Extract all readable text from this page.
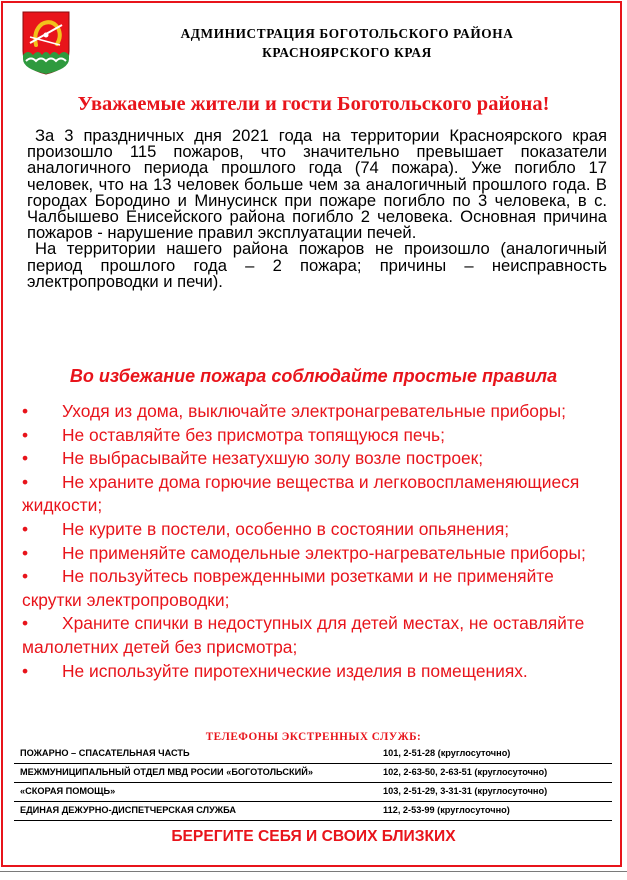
АДМИНИСТРАЦИЯ БОГОТОЛЬСКОГО РАЙОНА
КРАСНОЯРСКОГО КРАЯ
Уважаемые жители и гости Боготольского района!

За 3 праздничных дня 2021 года на территории Красноярского края произошло 115 пожаров, что значительно превышает показатели аналогичного периода прошлого года (74 пожара). Уже погибло 17 человек, что на 13 человек больше чем за аналогичный прошлого года. В городах Бородино и Минусинск при пожаре погибло по 3 человека, в с. Чалбышево Енисейского района погибло 2 человека. Основная причина пожаров - нарушение правил эксплуатации печей.

На территории нашего района пожаров не произошло (аналогичный период прошлого года – 2 пожара; причины – неисправность электропроводки и печи).

Во избежание пожара соблюдайте простые правила
• Уходя из дома, выключайте электронагревательные приборы;
• Не оставляйте без присмотра топящуюся печь;
• Не выбрасывайте незатухшую золу возле построек;
• Не храните дома горючие вещества и легковоспламеняющиеся жидкости;
• Не курите в постели, особенно в состоянии опьянения;
• Не применяйте самодельные электро-нагревательные приборы;
• Не пользуйтесь поврежденными розетками и не применяйте скрутки электропроводки;
• Храните спички в недоступных для детей местах, не оставляйте малолетних детей без присмотра;
• Не используйте пиротехнические изделия в помещениях.
ТЕЛЕФОНЫ ЭКСТРЕННЫХ СЛУЖБ:
ПОЖАРНО – СПАСАТЕЛЬНАЯ ЧАСТЬ	101, 2-51-28 (круглосуточно)
МЕЖМУНИЦИПАЛЬНЫЙ ОТДЕЛ МВД РОСИИ «БОГОТОЛЬСКИЙ»	102, 2-63-50, 2-63-51 (круглосуточно)
«СКОРАЯ ПОМОЩЬ»	103, 2-51-29, 3-31-31 (круглосуточно)
ЕДИНАЯ ДЕЖУРНО-ДИСПЕТЧЕРСКАЯ СЛУЖБА	112, 2-53-99 (круглосуточно)
БЕРЕГИТЕ СЕБЯ И СВОИХ БЛИЗКИХ
